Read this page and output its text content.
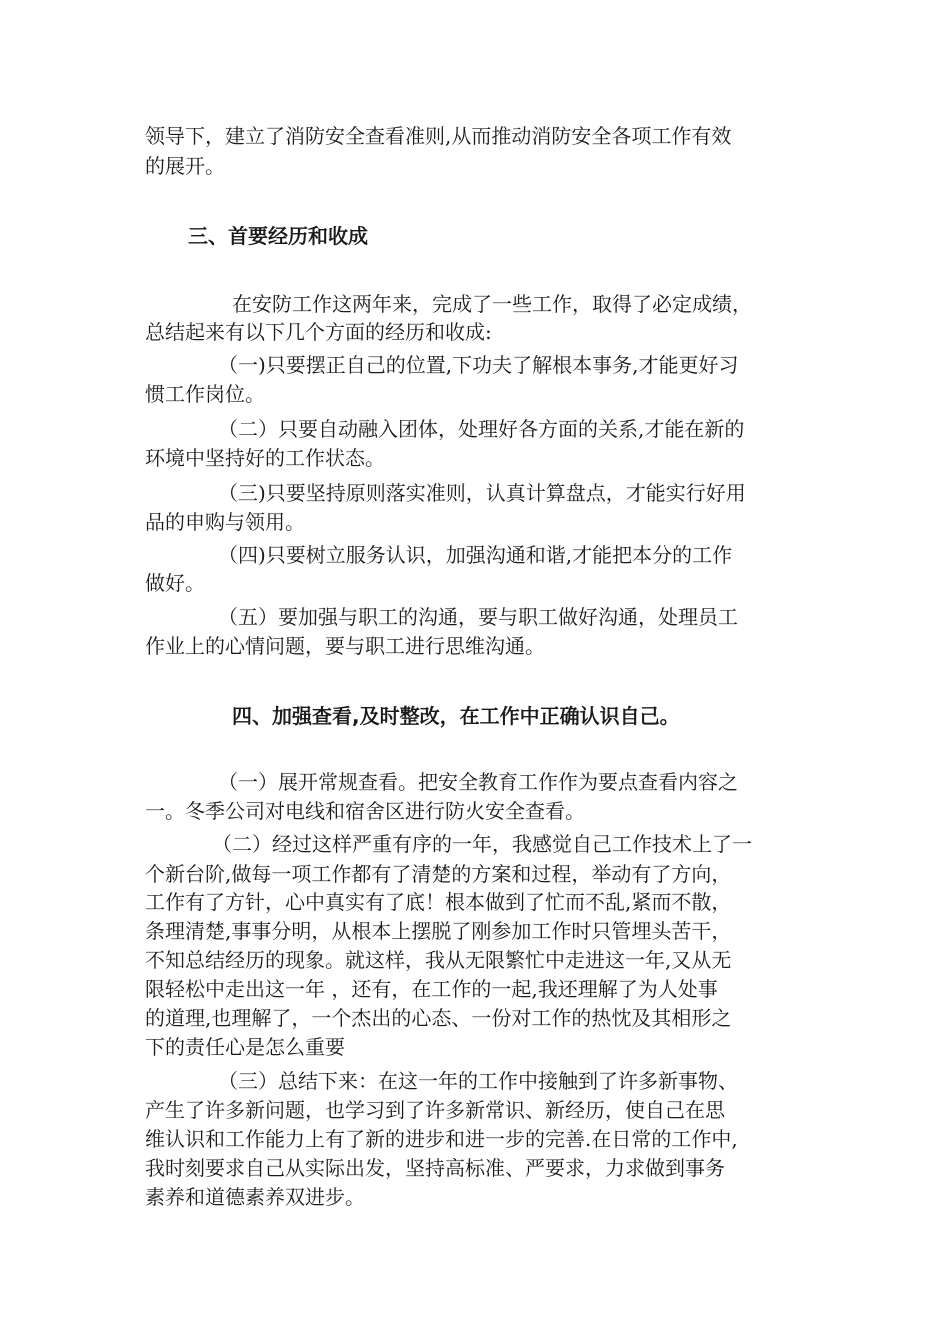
领导下，建立了消防安全查看准则,从而推动消防安全各项工作有效
的展开。
三、首要经历和收成
在安防工作这两年来，完成了一些工作，取得了必定成绩，
总结起来有以下几个方面的经历和收成:
（一)只要摆正自己的位置,下功夫了解根本事务,才能更好习
惯工作岗位。
（二）只要自动融入团体，处理好各方面的关系,才能在新的
环境中坚持好的工作状态。
（三)只要坚持原则落实准则，认真计算盘点，才能实行好用
品的申购与领用。
（四)只要树立服务认识，加强沟通和谐,才能把本分的工作
做好。
（五）要加强与职工的沟通，要与职工做好沟通，处理员工
作业上的心情问题，要与职工进行思维沟通。
四、加强查看,及时整改，在工作中正确认识自己。
（一）展开常规查看。把安全教育工作作为要点查看内容之
一。冬季公司对电线和宿舍区进行防火安全查看。
（二）经过这样严重有序的一年，我感觉自己工作技术上了一
个新台阶,做每一项工作都有了清楚的方案和过程，举动有了方向，
工作有了方针，心中真实有了底！根本做到了忙而不乱,紧而不散，
条理清楚,事事分明，从根本上摆脱了刚参加工作时只管埋头苦干，
不知总结经历的现象。就这样，我从无限繁忙中走进这一年,又从无
限轻松中走出这一年 ，还有，在工作的一起,我还理解了为人处事
的道理,也理解了，一个杰出的心态、一份对工作的热忱及其相形之
下的责任心是怎么重要
（三）总结下来：在这一年的工作中接触到了许多新事物、
产生了许多新问题，也学习到了许多新常识、新经历，使自己在思
维认识和工作能力上有了新的进步和进一步的完善.在日常的工作中,
我时刻要求自己从实际出发，坚持高标准、严要求，力求做到事务
素养和道德素养双进步。
